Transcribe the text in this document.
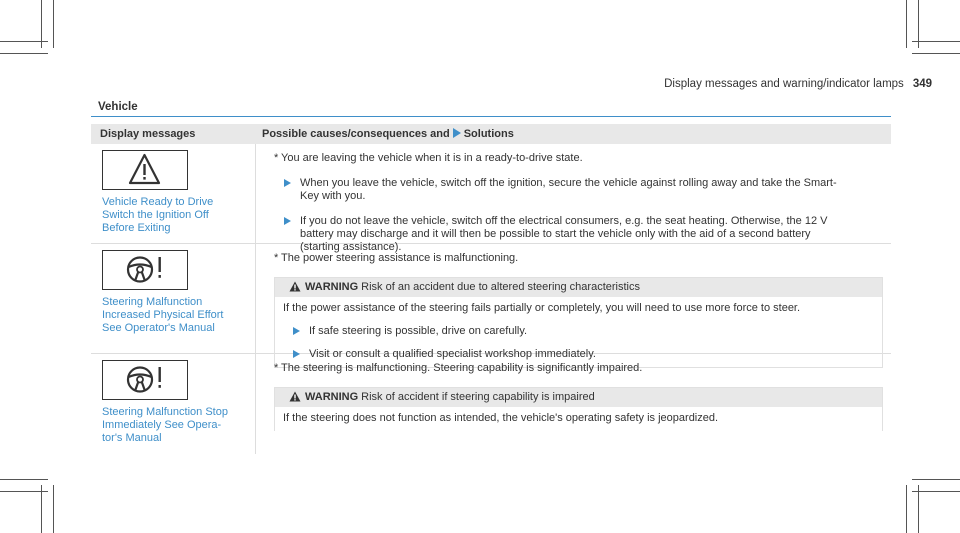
Display messages and warning/indicator lamps 349
Vehicle
Display messages	Possible causes/consequences and Solutions
Vehicle Ready to Drive
Switch the Ignition Off
Before Exiting
* You are leaving the vehicle when it is in a ready-to-drive state.
When you leave the vehicle, switch off the ignition, secure the vehicle against rolling away and take the Smart-
Key with you.
If you do not leave the vehicle, switch off the electrical consumers, e.g. the seat heating. Otherwise, the 12 V
battery may discharge and it will then be possible to start the vehicle only with the aid of a second battery
(starting assistance).
Steering Malfunction
Increased Physical Effort
See Operator's Manual
* The power steering assistance is malfunctioning.
WARNING Risk of an accident due to altered steering characteristics
If the power assistance of the steering fails partially or completely, you will need to use more force to steer.
If safe steering is possible, drive on carefully.
Visit or consult a qualified specialist workshop immediately.
Steering Malfunction Stop
Immediately See Opera-
tor's Manual
* The steering is malfunctioning. Steering capability is significantly impaired.
WARNING Risk of accident if steering capability is impaired
If the steering does not function as intended, the vehicle's operating safety is jeopardized.
